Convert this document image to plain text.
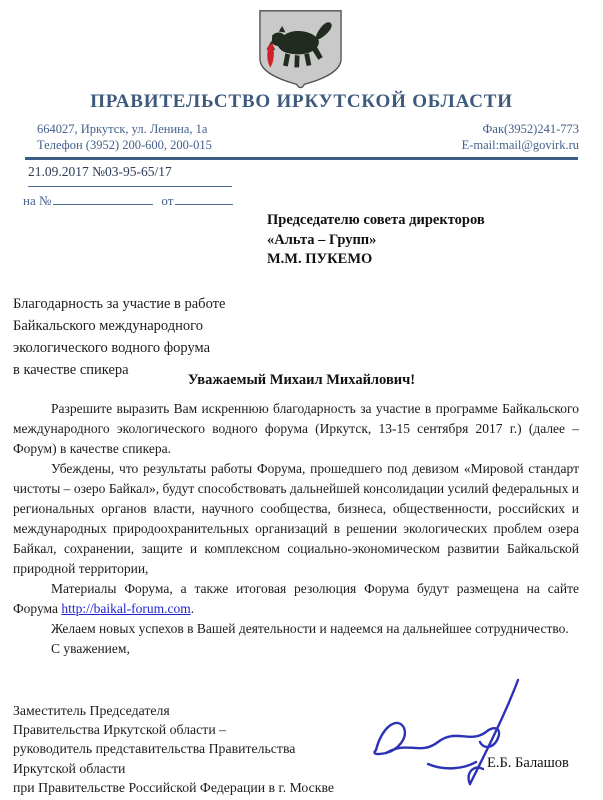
ПРАВИТЕЛЬСТВО ИРКУТСКОЙ ОБЛАСТИ
664027, Иркутск, ул. Ленина, 1а
Телефон (3952) 200-600, 200-015
Фак(3952)241-773
E-mail:mail@govirk.ru
21.09.2017 №03-95-65/17
на №	от
Председателю совета директоров
«Альта – Групп»
М.М. ПУКЕМО
Благодарность за участие в работе
Байкальского международного
экологического водного форума
в качестве спикера
Уважаемый Михаил Михайлович!

Разрешите выразить Вам искреннюю благодарность за участие в программе Байкальского международного экологического водного форума (Иркутск, 13-15 сентября 2017 г.) (далее – Форум) в качестве спикера.

Убеждены, что результаты работы Форума, прошедшего под девизом «Мировой стандарт чистоты – озеро Байкал», будут способствовать дальнейшей консолидации усилий федеральных и региональных органов власти, научного сообщества, бизнеса, общественности, российских и международных природоохранительных организаций в решении экологических проблем озера Байкал, сохранении, защите и комплексном социально-экономическом развитии Байкальской природной территории,

Материалы Форума, а также итоговая резолюция Форума будут размещена на сайте Форума http://baikal-forum.com.

Желаем новых успехов в Вашей деятельности и надеемся на дальнейшее сотрудничество.

С уважением,

Заместитель Председателя
Правительства Иркутской области –
руководитель представительства Правительства
Иркутской области
при Правительстве Российской Федерации в г. Москве
Е.Б. Балашов
